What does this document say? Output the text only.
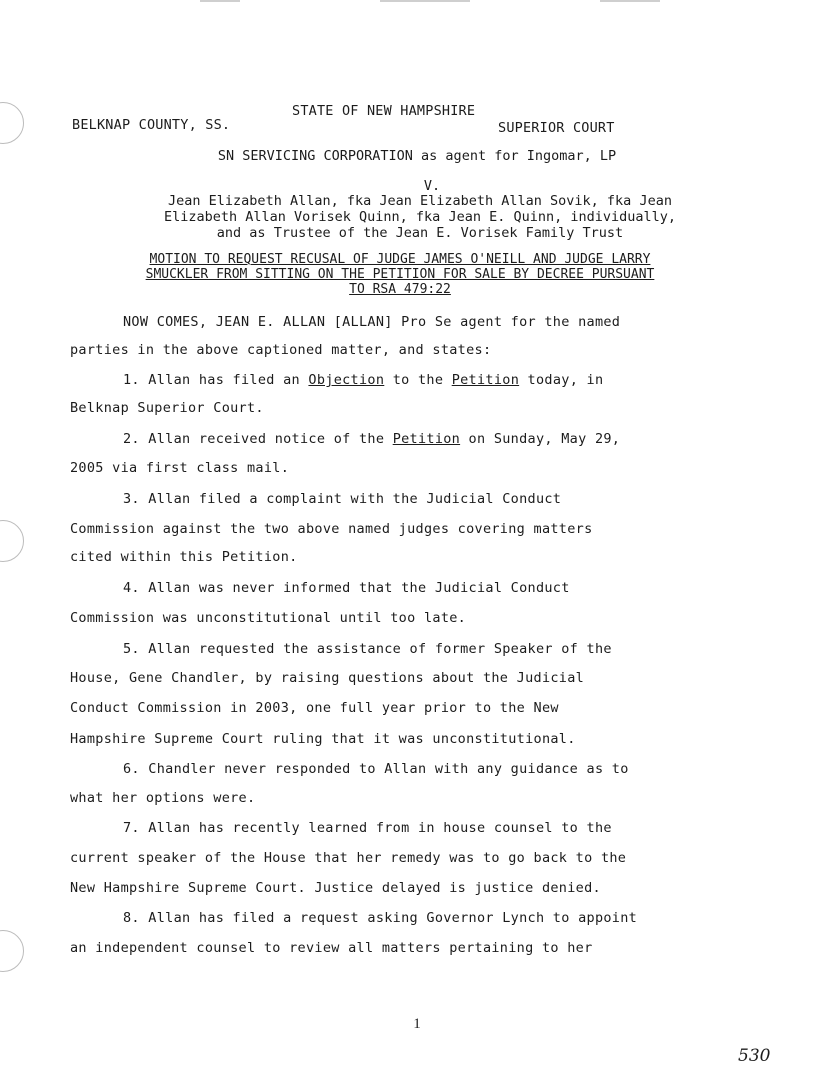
STATE OF NEW HAMPSHIRE
BELKNAP COUNTY, SS.	SUPERIOR COURT
SN SERVICING CORPORATION as agent for Ingomar, LP
V.
Jean Elizabeth Allan, fka Jean Elizabeth Allan Sovik, fka Jean
Elizabeth Allan Vorisek Quinn, fka Jean E. Quinn, individually,
and as Trustee of the Jean E. Vorisek Family Trust
MOTION TO REQUEST RECUSAL OF JUDGE JAMES O'NEILL AND JUDGE LARRY
SMUCKLER FROM SITTING ON THE PETITION FOR SALE BY DECREE PURSUANT
TO RSA 479:22
NOW COMES, JEAN E. ALLAN [ALLAN] Pro Se agent for the named
parties in the above captioned matter, and states:
1. Allan has filed an Objection to the Petition today, in
Belknap Superior Court.
2. Allan received notice of the Petition on Sunday, May 29,
2005 via first class mail.
3. Allan filed a complaint with the Judicial Conduct
Commission against the two above named judges covering matters
cited within this Petition.
4. Allan was never informed that the Judicial Conduct
Commission was unconstitutional until too late.
5. Allan requested the assistance of former Speaker of the
House, Gene Chandler, by raising questions about the Judicial
Conduct Commission in 2003, one full year prior to the New
Hampshire Supreme Court ruling that it was unconstitutional.
6. Chandler never responded to Allan with any guidance as to
what her options were.
7. Allan has recently learned from in house counsel to the
current speaker of the House that her remedy was to go back to the
New Hampshire Supreme Court. Justice delayed is justice denied.
8. Allan has filed a request asking Governor Lynch to appoint
an independent counsel to review all matters pertaining to her
1
530
